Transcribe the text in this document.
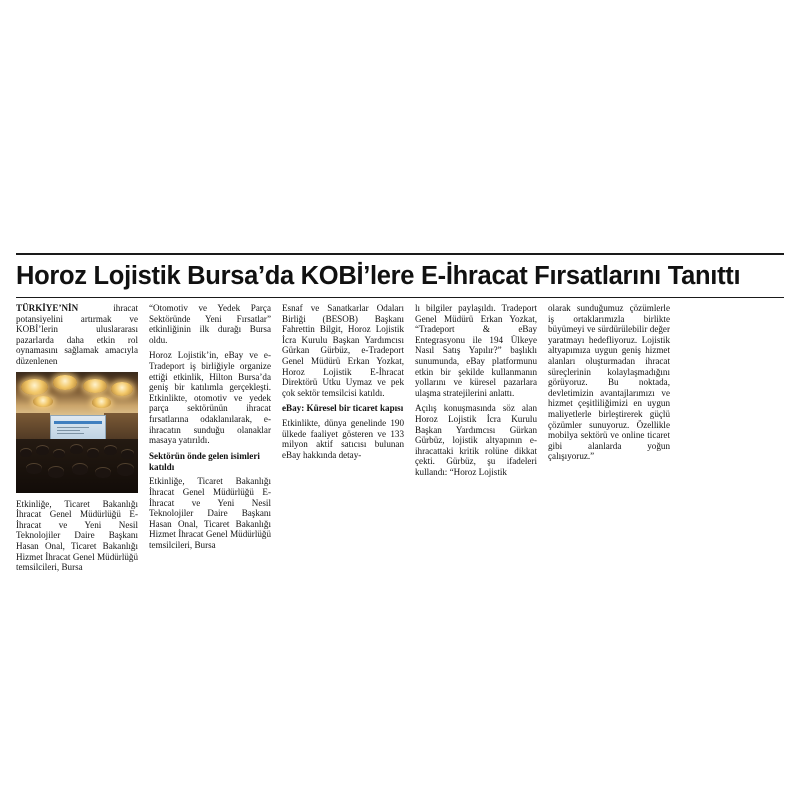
Horoz Lojistik Bursa’da KOBİ’lere E-İhracat Fırsatlarını Tanıttı

TÜRKİYE’NİN ihracat potansiyelini artırmak ve KOBİ’lerin uluslararası pazarlarda daha etkin rol oynamasını sağlamak amacıyla düzenlenen

Etkinliğe, Ticaret Bakanlığı İhracat Genel Müdürlüğü E-İhracat ve Yeni Nesil Teknolojiler Daire Başkanı Hasan Onal, Ticaret Bakanlığı Hizmet İhracat Genel Müdürlüğü temsilcileri, Bursa

“Otomotiv ve Yedek Parça Sektöründe Yeni Fırsatlar” etkinliğinin ilk durağı Bursa oldu.

Horoz Lojistik’in, eBay ve e-Tradeport iş birliğiyle organize ettiği etkinlik, Hilton Bursa’da geniş bir katılımla gerçekleşti. Etkinlikte, otomotiv ve yedek parça sektörünün ihracat fırsatlarına odaklanılarak, e-ihracatın sunduğu olanaklar masaya yatırıldı.

Sektörün önde gelen isimleri katıldı

Etkinliğe, Ticaret Bakanlığı İhracat Genel Müdürlüğü E-İhracat ve Yeni Nesil Teknolojiler Daire Başkanı Hasan Onal, Ticaret Bakanlığı Hizmet İhracat Genel Müdürlüğü temsilcileri, Bursa

Esnaf ve Sanatkarlar Odaları Birliği (BESOB) Başkanı Fahrettin Bilgit, Horoz Lojistik İcra Kurulu Başkan Yardımcısı Gürkan Gürbüz, e-Tradeport Genel Müdürü Erkan Yozkat, Horoz Lojistik E-İhracat Direktörü Utku Uymaz ve pek çok sektör temsilcisi katıldı.

eBay: Küresel bir ticaret kapısı

Etkinlikte, dünya genelinde 190 ülkede faaliyet gösteren ve 133 milyon aktif satıcısı bulunan eBay hakkında detay-

lı bilgiler paylaşıldı. Tradeport Genel Müdürü Erkan Yozkat, “Tradeport & eBay Entegrasyonu ile 194 Ülkeye Nasıl Satış Yapılır?” başlıklı sunumunda, eBay platformunu etkin bir şekilde kullanmanın yollarını ve küresel pazarlara ulaşma stratejilerini anlattı.

Açılış konuşmasında söz alan Horoz Lojistik İcra Kurulu Başkan Yardımcısı Gürkan Gürbüz, lojistik altyapının e-ihracattaki kritik rolüne dikkat çekti. Gürbüz, şu ifadeleri kullandı: “Horoz Lojistik

olarak sunduğumuz çözümlerle iş ortaklarımızla birlikte büyümeyi ve sürdürülebilir değer yaratmayı hedefliyoruz. Lojistik altyapımıza uygun geniş hizmet alanları oluşturmadan ihracat süreçlerinin kolaylaşmadığını görüyoruz. Bu noktada, devletimizin avantajlarımızı ve hizmet çeşitliliğimizi en uygun maliyetlerle birleştirerek güçlü çözümler sunuyoruz. Özellikle mobilya sektörü ve online ticaret gibi alanlarda yoğun çalışıyoruz.”
